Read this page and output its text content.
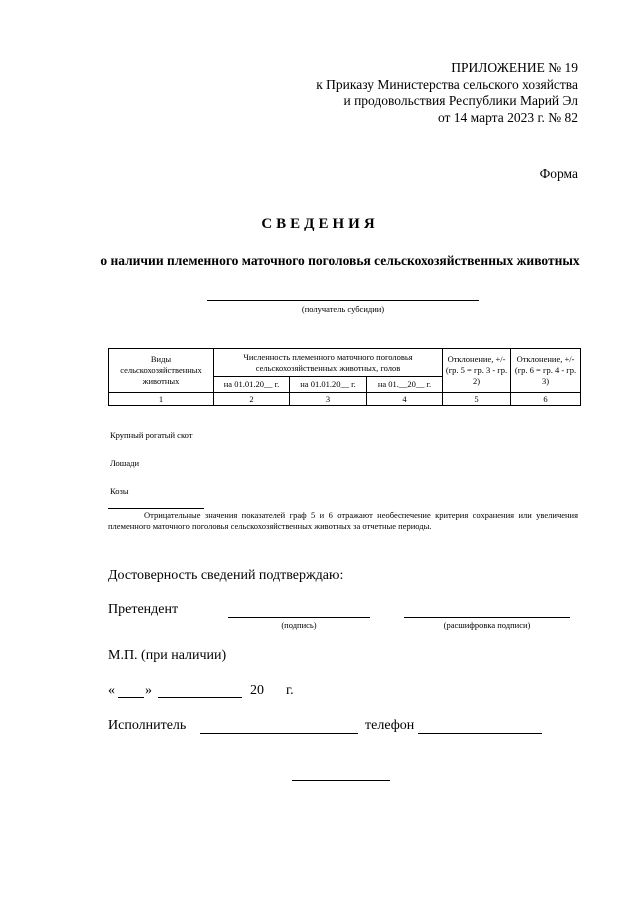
ПРИЛОЖЕНИЕ № 19
к Приказу Министерства сельского хозяйства
и продовольствия Республики Марий Эл
от 14 марта 2023 г. № 82
Форма
СВЕДЕНИЯ
о наличии племенного маточного поголовья сельскохозяйственных животных
(получатель субсидии)
Виды сельскохозяйственных животных	Численность племенного маточного поголовья сельскохозяйственных животных, голов			Отклонение, +/- (гр. 5 = гр. 3 - гр. 2)	Отклонение, +/- (гр. 6 = гр. 4 - гр. 3)
	на 01.01.20__ г.	на 01.01.20__ г.	на 01.__20__ г.		
1	2	3	4	5	6
Крупный рогатый скот
Лошади
Козы
Отрицательные значения показателей граф 5 и 6 отражают необеспечение критерия сохранения или увеличения племенного маточного поголовья сельскохозяйственных животных за отчетные периоды.
Достоверность сведений подтверждаю:
Претендент
(подпись)	(расшифровка подписи)
М.П. (при наличии)
« »	20 г.
Исполнитель	телефон
